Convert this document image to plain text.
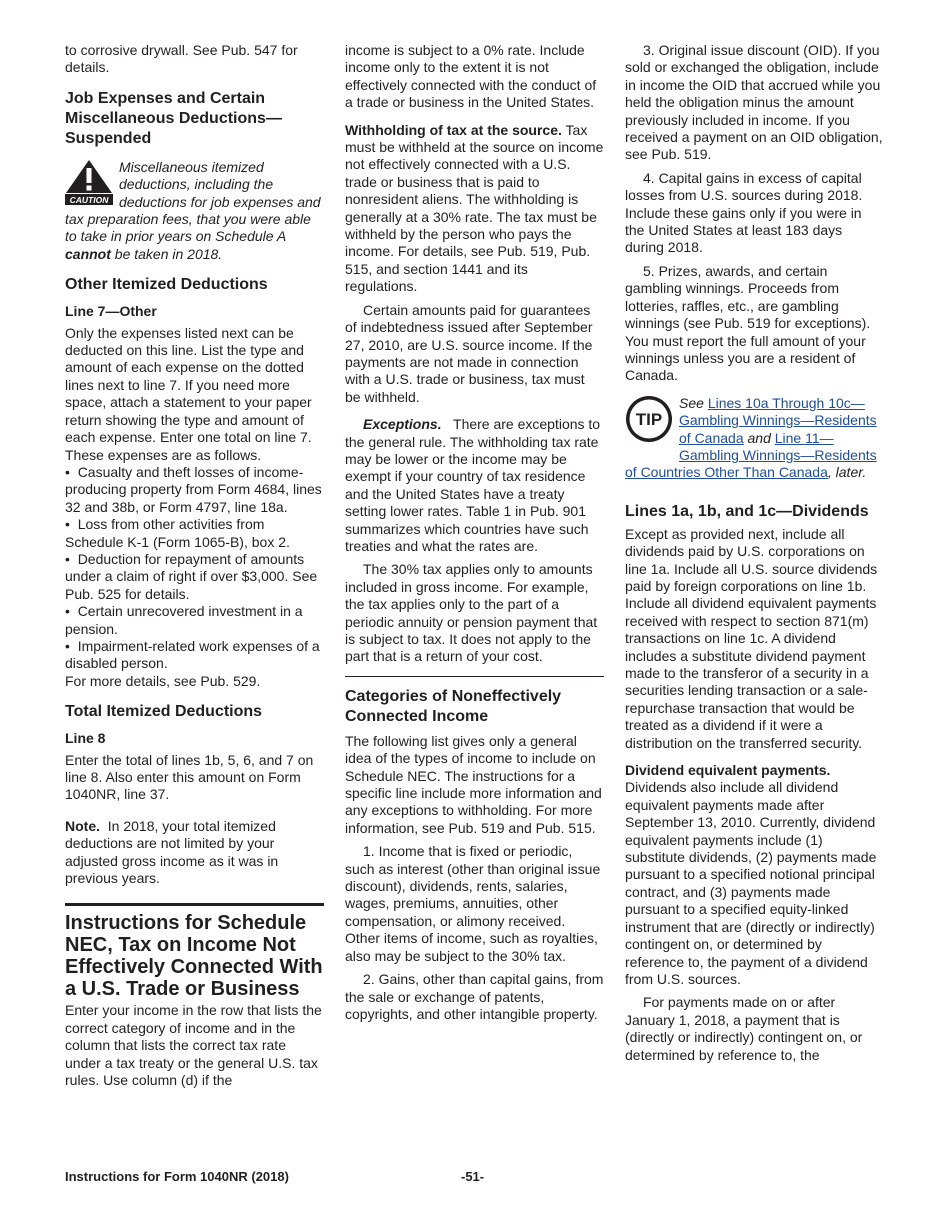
to corrosive drywall. See Pub. 547 for details.

Job Expenses and Certain Miscellaneous Deductions—Suspended
CAUTION
Miscellaneous itemized deductions, including the deductions for job expenses and tax preparation fees, that you were able to take in prior years on Schedule A cannot be taken in 2018.
Other Itemized Deductions
Line 7—Other

Only the expenses listed next can be deducted on this line. List the type and amount of each expense on the dotted lines next to line 7. If you need more space, attach a statement to your paper return showing the type and amount of each expense. Enter one total on line 7. These expenses are as follows.

•  Casualty and theft losses of income-producing property from Form 4684, lines 32 and 38b, or Form 4797, line 18a.
•  Loss from other activities from Schedule K-1 (Form 1065-B), box 2.
•  Deduction for repayment of amounts under a claim of right if over $3,000. See Pub. 525 for details.
•  Certain unrecovered investment in a pension.
•  Impairment-related work expenses of a disabled person.

For more details, see Pub. 529.

Total Itemized Deductions
Line 8

Enter the total of lines 1b, 5, 6, and 7 on line 8. Also enter this amount on Form 1040NR, line 37.

Note. In 2018, your total itemized deductions are not limited by your adjusted gross income as it was in previous years.

Instructions for Schedule NEC, Tax on Income Not Effectively Connected With a U.S. Trade or Business

Enter your income in the row that lists the correct category of income and in the column that lists the correct tax rate under a tax treaty or the general U.S. tax rules. Use column (d) if the

income is subject to a 0% rate. Include income only to the extent it is not effectively connected with the conduct of a trade or business in the United States.

Withholding of tax at the source. Tax must be withheld at the source on income not effectively connected with a U.S. trade or business that is paid to nonresident aliens. The withholding is generally at a 30% rate. The tax must be withheld by the person who pays the income. For details, see Pub. 519, Pub. 515, and section 1441 and its regulations.

Certain amounts paid for guarantees of indebtedness issued after September 27, 2010, are U.S. source income. If the payments are not made in connection with a U.S. trade or business, tax must be withheld.

Exceptions. There are exceptions to the general rule. The withholding tax rate may be lower or the income may be exempt if your country of tax residence and the United States have a treaty setting lower rates. Table 1 in Pub. 901 summarizes which countries have such treaties and what the rates are.

The 30% tax applies only to amounts included in gross income. For example, the tax applies only to the part of a periodic annuity or pension payment that is subject to tax. It does not apply to the part that is a return of your cost.

Categories of Noneffectively Connected Income

The following list gives only a general idea of the types of income to include on Schedule NEC. The instructions for a specific line include more information and any exceptions to withholding. For more information, see Pub. 519 and Pub. 515.

1. Income that is fixed or periodic, such as interest (other than original issue discount), dividends, rents, salaries, wages, premiums, annuities, other compensation, or alimony received. Other items of income, such as royalties, also may be subject to the 30% tax.

2. Gains, other than capital gains, from the sale or exchange of patents, copyrights, and other intangible property.

3. Original issue discount (OID). If you sold or exchanged the obligation, include in income the OID that accrued while you held the obligation minus the amount previously included in income. If you received a payment on an OID obligation, see Pub. 519.

4. Capital gains in excess of capital losses from U.S. sources during 2018. Include these gains only if you were in the United States at least 183 days during 2018.

5. Prizes, awards, and certain gambling winnings. Proceeds from lotteries, raffles, etc., are gambling winnings (see Pub. 519 for exceptions). You must report the full amount of your winnings unless you are a resident of Canada.

TIP
See Lines 10a Through 10c—Gambling Winnings—Residents of Canada and Line 11—Gambling Winnings—Residents of Countries Other Than Canada, later.
Lines 1a, 1b, and 1c—Dividends

Except as provided next, include all dividends paid by U.S. corporations on line 1a. Include all U.S. source dividends paid by foreign corporations on line 1b. Include all dividend equivalent payments received with respect to section 871(m) transactions on line 1c. A dividend includes a substitute dividend payment made to the transferor of a security in a securities lending transaction or a sale-repurchase transaction that would be treated as a dividend if it were a distribution on the transferred security.

Dividend equivalent payments. Dividends also include all dividend equivalent payments made after September 13, 2010. Currently, dividend equivalent payments include (1) substitute dividends, (2) payments made pursuant to a specified notional principal contract, and (3) payments made pursuant to a specified equity-linked instrument that are (directly or indirectly) contingent on, or determined by reference to, the payment of a dividend from U.S. sources.

For payments made on or after January 1, 2018, a payment that is (directly or indirectly) contingent on, or determined by reference to, the

Instructions for Form 1040NR (2018)	-51-
